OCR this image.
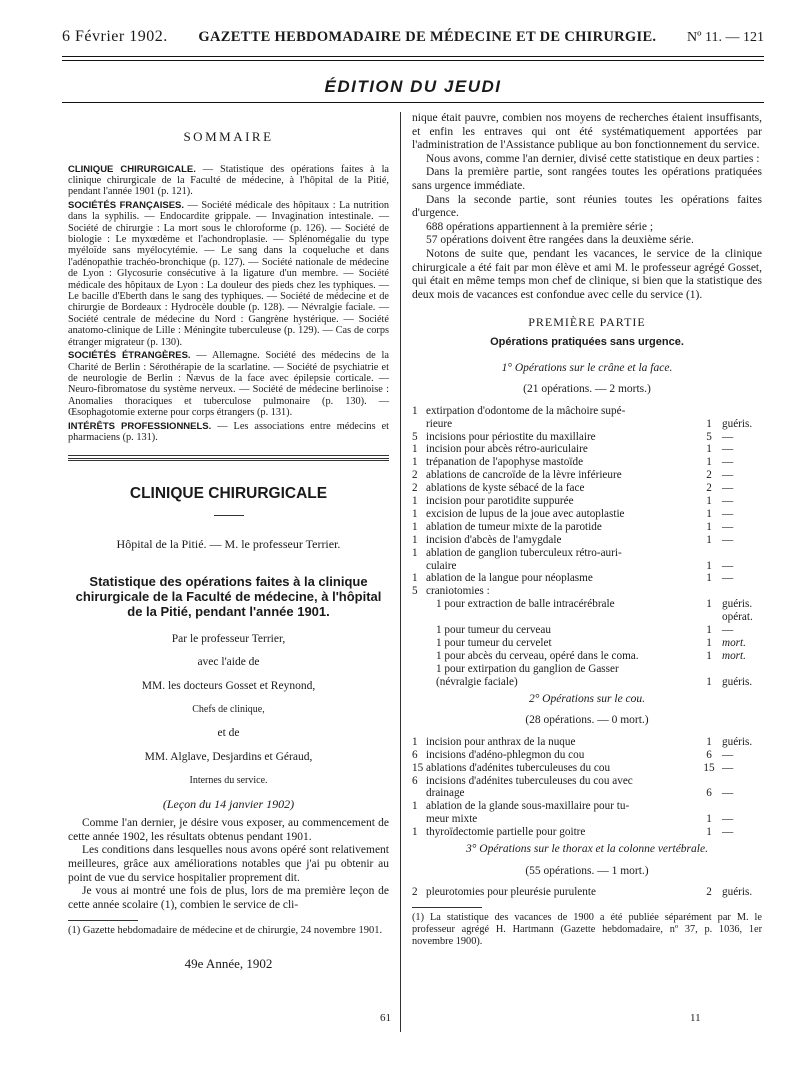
6 Février 1902. GAZETTE HEBDOMADAIRE DE MÉDECINE ET DE CHIRURGIE. Nº 11. — 121
ÉDITION DU JEUDI
SOMMAIRE

CLINIQUE CHIRURGICALE. — Statistique des opérations faites à la clinique chirurgicale de la Faculté de médecine, à l'hôpital de la Pitié, pendant l'année 1901 (p. 121).

SOCIÉTÉS FRANÇAISES. — Société médicale des hôpitaux : La nutrition dans la syphilis. — Endocardite grippale. — Invagination intestinale. — Société de chirurgie : La mort sous le chloroforme (p. 126). — Société de biologie : Le myxœdème et l'achondroplasie. — Splénomégalie du type myéloïde sans myélocytémie. — Le sang dans la coqueluche et dans l'adénopathie trachéo-bronchique (p. 127). — Société nationale de médecine de Lyon : Glycosurie consécutive à la ligature d'un membre. — Société médicale des hôpitaux de Lyon : La douleur des pieds chez les typhiques. — Le bacille d'Eberth dans le sang des typhiques. — Société de médecine et de chirurgie de Bordeaux : Hydrocèle double (p. 128). — Névralgie faciale. — Société centrale de médecine du Nord : Gangrène hystérique. — Société anatomo-clinique de Lille : Méningite tuberculeuse (p. 129). — Cas de corps étranger migrateur (p. 130).

SOCIÉTÉS ÉTRANGÈRES. — Allemagne. Société des médecins de la Charité de Berlin : Sérothérapie de la scarlatine. — Société de psychiatrie et de neurologie de Berlin : Nævus de la face avec épilepsie corticale. — Neuro-fibromatose du système nerveux. — Société de médecine berlinoise : Anomalies thoraciques et tuberculose pulmonaire (p. 130). — Œsophagotomie externe pour corps étrangers (p. 131).

INTÉRÊTS PROFESSIONNELS. — Les associations entre médecins et pharmaciens (p. 131).

CLINIQUE CHIRURGICALE

Hôpital de la Pitié. — M. le professeur Terrier.

Statistique des opérations faites à la clinique chirurgicale de la Faculté de médecine, à l'hôpital de la Pitié, pendant l'année 1901.

Par le professeur Terrier,

avec l'aide de

MM. les docteurs Gosset et Reynond,

Chefs de clinique,

et de

MM. Alglave, Desjardins et Géraud,

Internes du service.

(Leçon du 14 janvier 1902)

Comme l'an dernier, je désire vous exposer, au commencement de cette année 1902, les résultats obtenus pendant 1901.

Les conditions dans lesquelles nous avons opéré sont relativement meilleures, grâce aux améliorations notables que j'ai pu obtenir au point de vue du service hospitalier proprement dit.

Je vous ai montré une fois de plus, lors de ma première leçon de cette année scolaire (1), combien le service de cli-

(1) Gazette hebdomadaire de médecine et de chirurgie, 24 novembre 1901.

49e Année, 1902

nique était pauvre, combien nos moyens de recherches étaient insuffisants, et enfin les entraves qui ont été systématiquement apportées par l'administration de l'Assistance publique au bon fonctionnement du service.

Nous avons, comme l'an dernier, divisé cette statistique en deux parties :

Dans la première partie, sont rangées toutes les opérations pratiquées sans urgence immédiate.

Dans la seconde partie, sont réunies toutes les opérations faites d'urgence.

688 opérations appartiennent à la première série ;

57 opérations doivent être rangées dans la deuxième série.

Notons de suite que, pendant les vacances, le service de la clinique chirurgicale a été fait par mon élève et ami M. le professeur agrégé Gosset, qui était en même temps mon chef de clinique, si bien que la statistique des deux mois de vacances est confondue avec celle du service (1).

PREMIÈRE PARTIE
Opérations pratiquées sans urgence.

1° Opérations sur le crâne et la face.

(21 opérations. — 2 morts.)

1 extirpation d'odontome de la mâchoire supé-
rieure	1 guéris.
5 incisions pour périostite du maxillaire	5 —
1 incision pour abcès rétro-auriculaire	1 —
1 trépanation de l'apophyse mastoïde	1 —
2 ablations de cancroïde de la lèvre inférieure	2 —
2 ablations de kyste sébacé de la face	2 —
1 incision pour parotidite suppurée	1 —
1 excision de lupus de la joue avec autoplastie	1 —
1 ablation de tumeur mixte de la parotide	1 —
1 incision d'abcès de l'amygdale	1 —
1 ablation de ganglion tuberculeux rétro-auri-
culaire	1 —
1 ablation de la langue pour néoplasme	1 —
5 craniotomies :
1 pour extraction de balle intracérébrale	1 guéris.
opérat.
1 pour tumeur du cerveau	1 —
1 pour tumeur du cervelet	1 mort.
1 pour abcès du cerveau, opéré dans le coma.	1 mort.
1 pour extirpation du ganglion de Gasser
(névralgie faciale)	1 guéris.

2° Opérations sur le cou.

(28 opérations. — 0 mort.)

1 incision pour anthrax de la nuque	1 guéris.
6 incisions d'adéno-phlegmon du cou	6 —
15 ablations d'adénites tuberculeuses du cou	15 —
6 incisions d'adénites tuberculeuses du cou avec
drainage	6 —
1 ablation de la glande sous-maxillaire pour tu-
meur mixte	1 —
1 thyroïdectomie partielle pour goitre	1 —

3° Opérations sur le thorax et la colonne vertébrale.

(55 opérations. — 1 mort.)

2 pleurotomies pour pleurésie purulente	2 guéris.

(1) La statistique des vacances de 1900 a été publiée séparément par M. le professeur agrégé H. Hartmann (Gazette hebdomadaire, nº 37, p. 1036, 1er novembre 1900).

61	11
